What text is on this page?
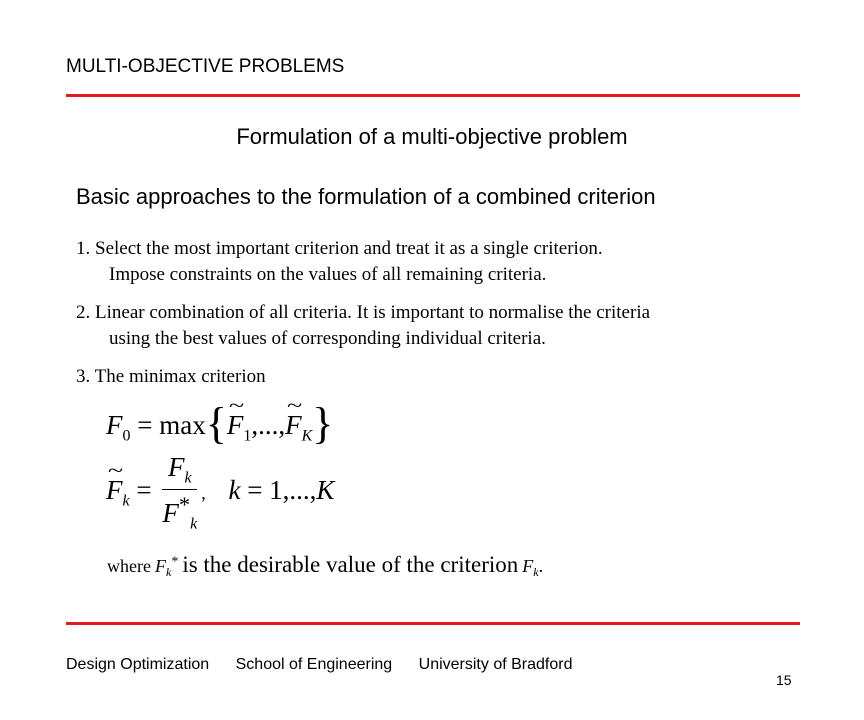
MULTI-OBJECTIVE PROBLEMS
Formulation of a multi-objective problem
Basic approaches to the formulation of a combined criterion
1. Select the most important criterion and treat it as a single criterion.
Impose constraints on the values of all remaining criteria.
2. Linear combination of all criteria. It is important to normalise the criteria
using the best values of corresponding individual criteria.
3. The minimax criterion
$F_0$ = max{~ $F_1,...,\sim$ $F_K$}
~ $F_k = \frac{F_k}{F^*_k}$ , k = 1,...,K
where $F_k^*$ is the desirable value of the criterion $F_k$.
Design Optimization School of Engineering University of Bradford
15
